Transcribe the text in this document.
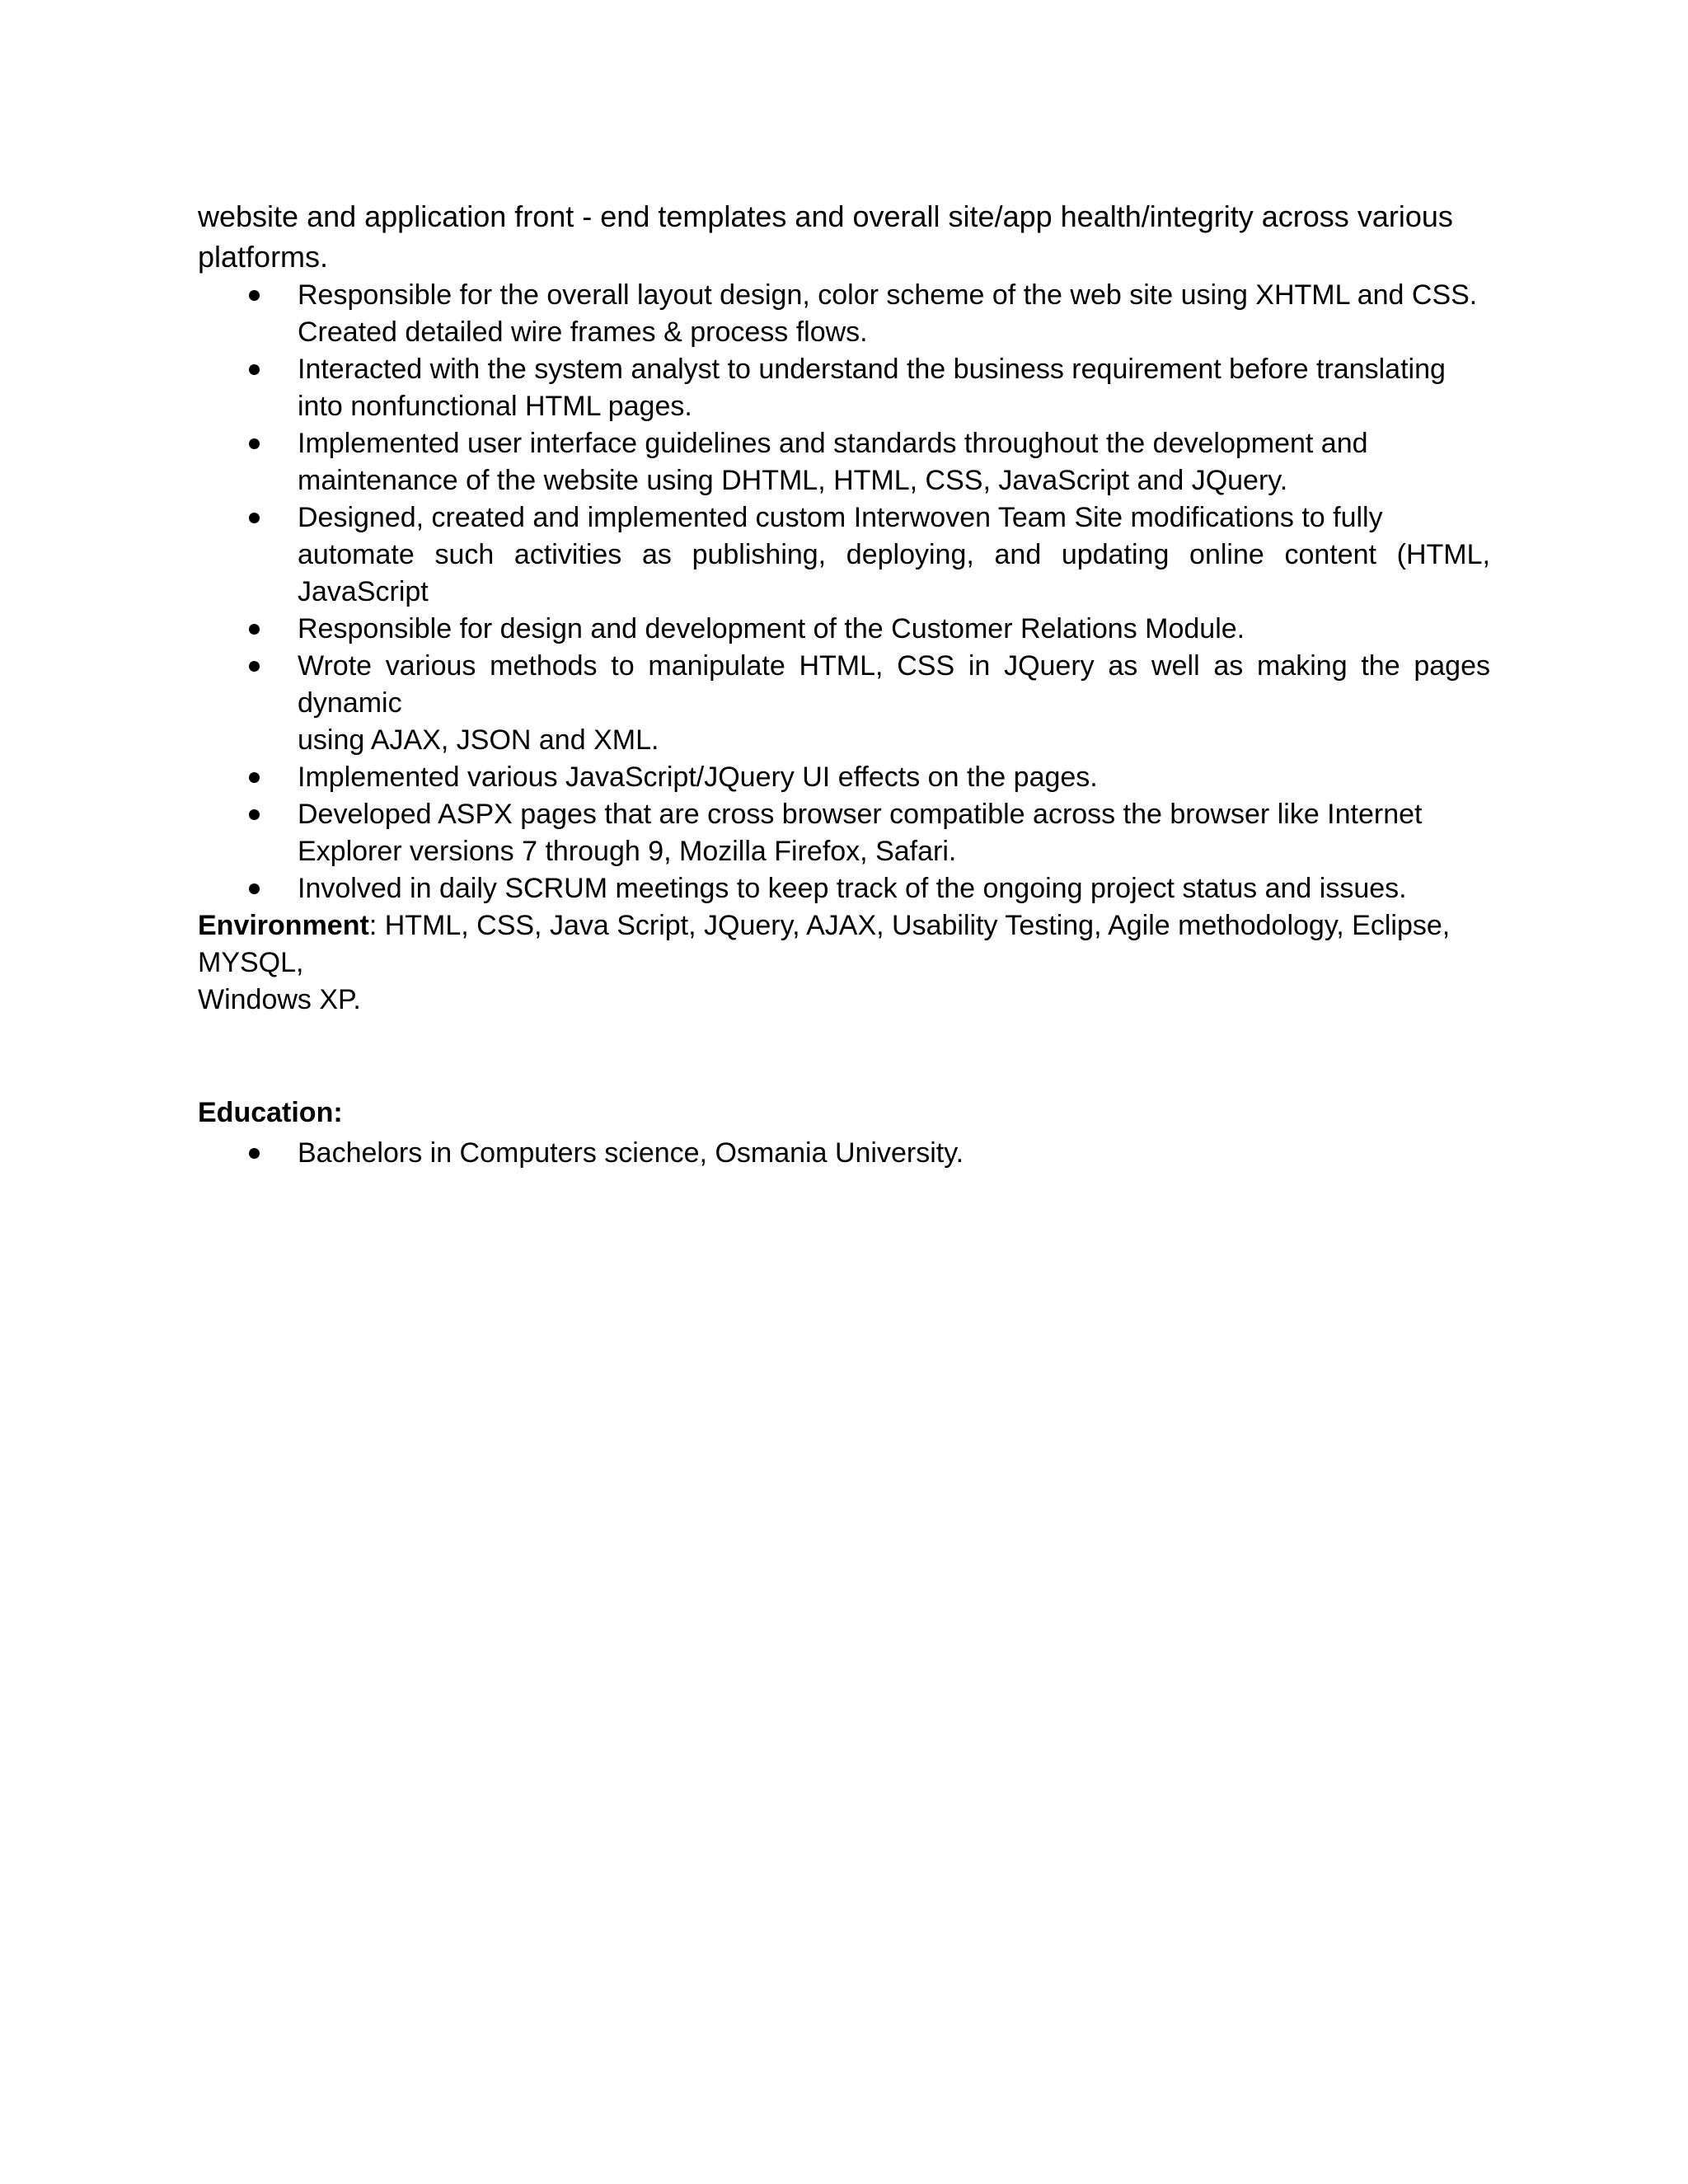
website and application front - end templates and overall site/app health/integrity across various
platforms.

Responsible for the overall layout design, color scheme of the web site using XHTML and CSS.
Created detailed wire frames & process flows.
Interacted with the system analyst to understand the business requirement before translating
into nonfunctional HTML pages.
Implemented user interface guidelines and standards throughout the development and
maintenance of the website using DHTML, HTML, CSS, JavaScript and JQuery.
Designed, created and implemented custom Interwoven Team Site modifications to fully
automate such activities as publishing, deploying, and updating online content (HTML, JavaScript
Responsible for design and development of the Customer Relations Module.
Wrote various methods to manipulate HTML, CSS in JQuery as well as making the pages dynamic
using AJAX, JSON and XML.
Implemented various JavaScript/JQuery UI effects on the pages.
Developed ASPX pages that are cross browser compatible across the browser like Internet
Explorer versions 7 through 9, Mozilla Firefox, Safari.
Involved in daily SCRUM meetings to keep track of the ongoing project status and issues.

Environment: HTML, CSS, Java Script, JQuery, AJAX, Usability Testing, Agile methodology, Eclipse, MYSQL,
Windows XP.

Education:
Bachelors in Computers science, Osmania University.
